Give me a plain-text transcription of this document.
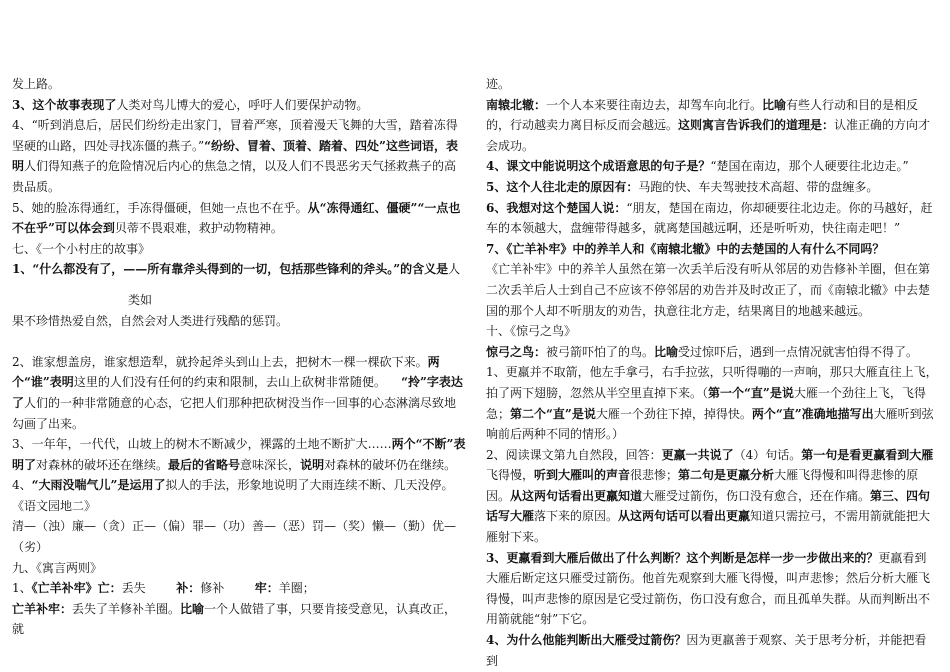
发上路。

3、这个故事表现了人类对鸟儿博大的爱心，呼吁人们要保护动物。

4、“听到消息后，居民们纷纷走出家门，冒着严寒，顶着漫天飞舞的大雪，踏着冻得坚硬的山路，四处寻找冻僵的燕子。”“纷纷、冒着、顶着、踏着、四处”这些词语，表明人们得知燕子的危险情况后内心的焦急之情，以及人们不畏恶劣天气拯救燕子的高贵品质。

5、她的脸冻得通红，手冻得僵硬，但她一点也不在乎。从“冻得通红、僵硬”“一点也不在乎”可以体会到贝蒂不畏艰难，救护动物精神。

七、《一个小村庄的故事》

1、“什么都没有了，——所有靠斧头得到的一切，包括那些锋利的斧头。”的含义是人

类如

果不珍惜热爱自然，自然会对人类进行残酷的惩罚。

2、谁家想盖房，谁家想造犁，就拎起斧头到山上去，把树木一棵一棵砍下来。两个“谁”表明这里的人们没有任何的约束和限制，去山上砍树非常随便。 “拎”字表达了人们的一种非常随意的心态，它把人们那种把砍树没当作一回事的心态淋漓尽致地勾画了出来。

3、一年年，一代代，山坡上的树木不断减少，裸露的土地不断扩大……两个“不断”表明了对森林的破坏还在继续。最后的省略号意味深长，说明对森林的破坏仍在继续。

4、“大雨没喘气儿”是运用了拟人的手法，形象地说明了大雨连续不断、几天没停。

《语文园地二》

清—（浊）廉—（贪）正—（偏）罪—（功）善—（恶）罚—（奖）懒—（勤）优—（劣）

九、《寓言两则》

1、《亡羊补牢》亡：丢失	补：修补	牢：羊圈；

亡羊补牢：丢失了羊修补羊圈。比喻一个人做错了事，只要肯接受意见，认真改正，就

迹。

南辕北辙：一个人本来要往南边去，却驾车向北行。比喻有些人行动和目的是相反的，行动越卖力离目标反而会越远。这则寓言告诉我们的道理是：认准正确的方向才会成功。

4、课文中能说明这个成语意思的句子是？“楚国在南边，那个人硬要往北边走。”

5、这个人往北走的原因有：马跑的快、车夫驾驶技术高超、带的盘缠多。

6、我想对这个楚国人说：“朋友，楚国在南边，你却硬要往北边走。你的马越好，赶车的本领越大，盘缠带得越多，就离楚国越远啊，还是听听劝，快往南走吧！”

7、《亡羊补牢》中的养羊人和《南辕北辙》中的去楚国的人有什么不同吗？

《亡羊补牢》中的养羊人虽然在第一次丢羊后没有听从邻居的劝告修补羊圈，但在第二次丢羊后人士到自己不应该不停邻居的劝告并及时改正了，而《南辕北辙》中去楚国的那个人却不听朋友的劝告，执意往北方走，结果离目的地越来越远。

十、《惊弓之鸟》

惊弓之鸟：被弓箭吓怕了的鸟。比喻受过惊吓后，遇到一点情况就害怕得不得了。

1、更羸并不取箭，他左手拿弓，右手拉弦，只听得嘣的一声响，那只大雁直往上飞，拍了两下翅膀，忽然从半空里直掉下来。（第一个“直”是说大雁一个劲往上飞，飞得急；第二个“直”是说大雁一个劲往下掉，掉得快。两个“直”准确地描写出大雁听到弦响前后两种不同的情形。）

2、阅读课文第九自然段，回答：更羸一共说了（4）句话。第一句是看更赢看到大雁飞得慢，听到大雁叫的声音很悲惨；第二句是更羸分析大雁飞得慢和叫得悲惨的原因。从这两句话看出更羸知道大雁受过箭伤，伤口没有愈合，还在作痛。第三、四句话写大雁落下来的原因。从这两句话可以看出更羸知道只需拉弓，不需用箭就能把大雁射下来。

3、更羸看到大雁后做出了什么判断？这个判断是怎样一步一步做出来的？更羸看到大雁后断定这只雁受过箭伤。他首先观察到大雁飞得慢，叫声悲惨；然后分析大雁飞得慢，叫声悲惨的原因是它受过箭伤，伤口没有愈合，而且孤单失群。从而判断出不用箭就能“射”下它。

4、为什么他能判断出大雁受过箭伤？因为更羸善于观察、关于思考分析，并能把看到
